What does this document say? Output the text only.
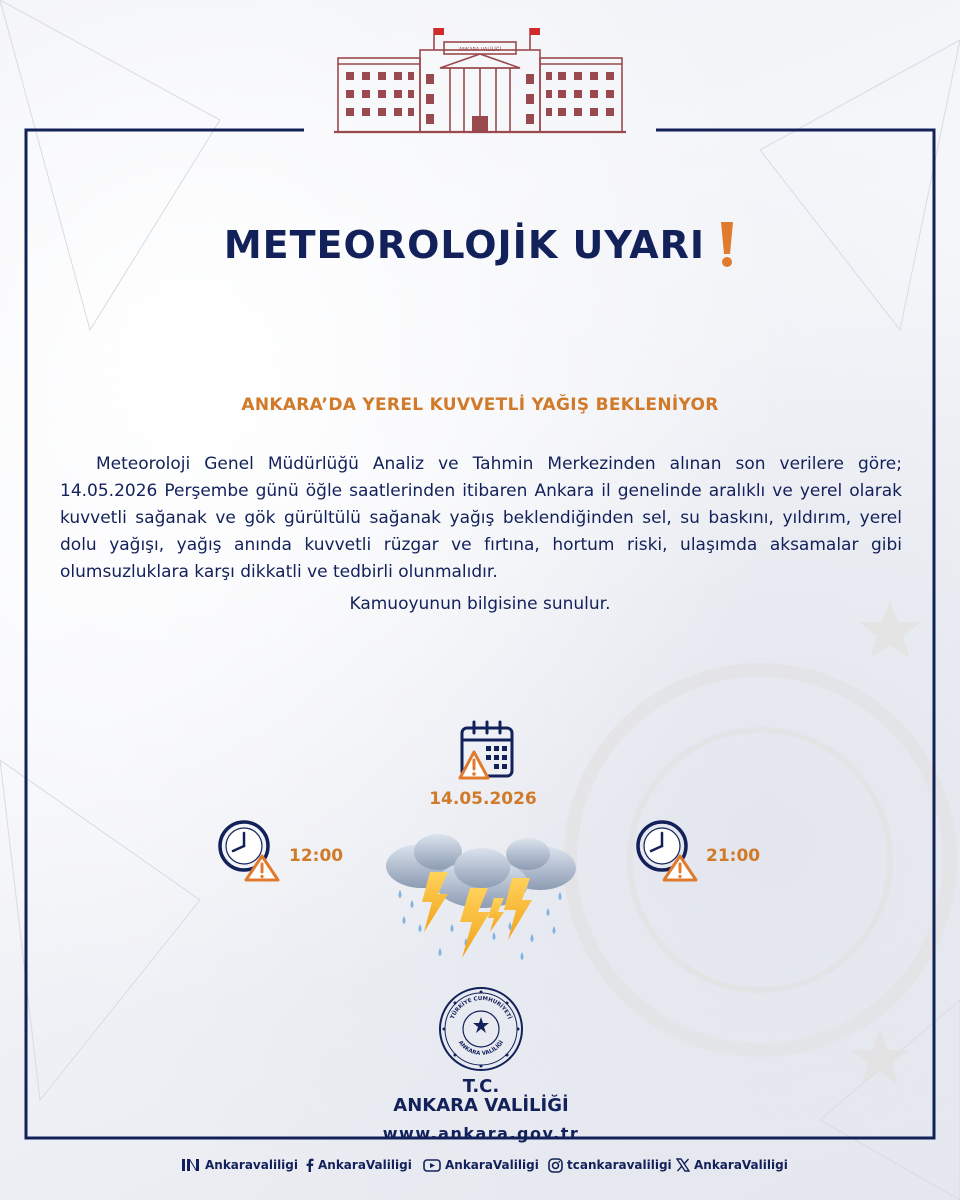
ANKARA VALİLİĞİ
METEOROLOJİK UYARI
ANKARA’DA YEREL KUVVETLİ YAĞIŞ BEKLENİYOR
Meteoroloji Genel Müdürlüğü Analiz ve Tahmin Merkezinden alınan son verilere göre; 14.05.2026 Perşembe günü öğle saatlerinden itibaren Ankara il genelinde aralıklı ve yerel olarak kuvvetli sağanak ve gök gürültülü sağanak yağış beklendiğinden sel, su baskını, yıldırım, yerel dolu yağışı, yağış anında kuvvetli rüzgar ve fırtına, hortum riski, ulaşımda aksamalar gibi olumsuzluklara karşı dikkatli ve tedbirli olunmalıdır.
Kamuoyunun bilgisine sunulur.
14.05.2026
12:00	21:00
TÜRKİYE CUMHURİYETİ
ANKARA VALİLİĞİ
T.C.
ANKARA VALİLİĞİ
www.ankara.gov.tr
Ankaravaliligi AnkaraValiligi	AnkaraValiligi tcankaravaliligi AnkaraValiligi
